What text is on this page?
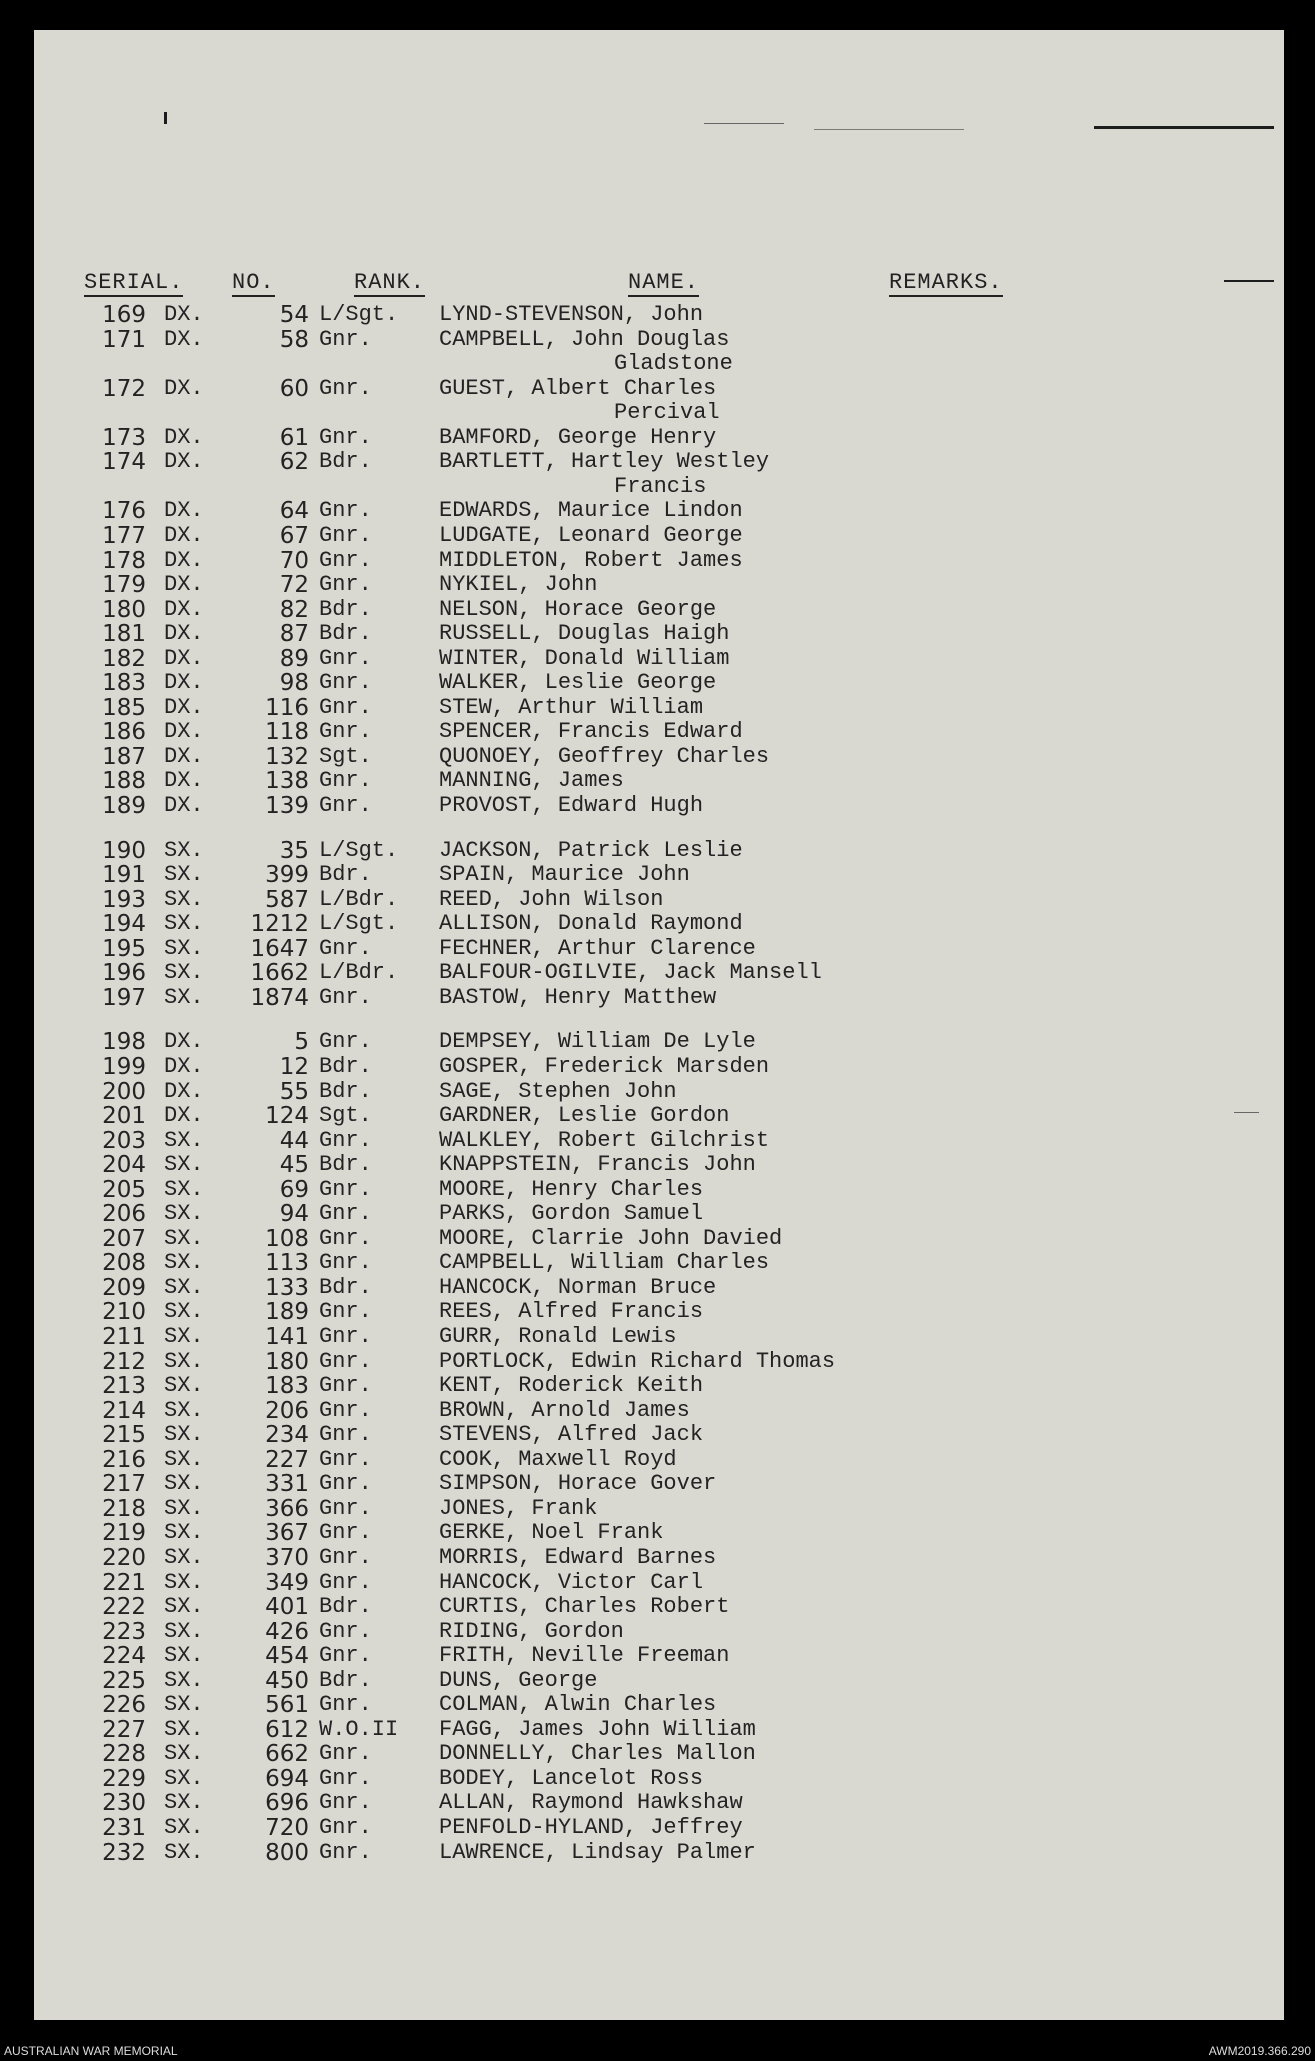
SERIAL. NO.	RANK.	NAME.	REMARKS.
169 DX.	54 L/Sgt. LYND-STEVENSON, John
171 DX.	58 Gnr.	CAMPBELL, John Douglas
Gladstone
172 DX.	60 Gnr.	GUEST, Albert Charles
Percival
173 DX.	61 Gnr.	BAMFORD, George Henry
174 DX.	62 Bdr.	BARTLETT, Hartley Westley
Francis
176 DX.	64 Gnr.	EDWARDS, Maurice Lindon
177 DX.	67 Gnr.	LUDGATE, Leonard George
178 DX.	70 Gnr.	MIDDLETON, Robert James
179 DX.	72 Gnr.	NYKIEL, John
180 DX.	82 Bdr.	NELSON, Horace George
181 DX.	87 Bdr.	RUSSELL, Douglas Haigh
182 DX.	89 Gnr.	WINTER, Donald William
183 DX.	98 Gnr.	WALKER, Leslie George
185 DX.	116 Gnr.	STEW, Arthur William
186 DX.	118 Gnr.	SPENCER, Francis Edward
187 DX.	132 Sgt.	QUONOEY, Geoffrey Charles
188 DX.	138 Gnr.	MANNING, James
189 DX.	139 Gnr.	PROVOST, Edward Hugh
190 SX.	35 L/Sgt. JACKSON, Patrick Leslie
191 SX.	399 Bdr.	SPAIN, Maurice John
193 SX.	587 L/Bdr. REED, John Wilson
194 SX.	1212 L/Sgt. ALLISON, Donald Raymond
195 SX.	1647 Gnr.	FECHNER, Arthur Clarence
196 SX.	1662 L/Bdr. BALFOUR-OGILVIE, Jack Mansell
197 SX.	1874 Gnr.	BASTOW, Henry Matthew
198 DX.	5 Gnr.	DEMPSEY, William De Lyle
199 DX.	12 Bdr.	GOSPER, Frederick Marsden
200 DX.	55 Bdr.	SAGE, Stephen John
201 DX.	124 Sgt.	GARDNER, Leslie Gordon
203 SX.	44 Gnr.	WALKLEY, Robert Gilchrist
204 SX.	45 Bdr.	KNAPPSTEIN, Francis John
205 SX.	69 Gnr.	MOORE, Henry Charles
206 SX.	94 Gnr.	PARKS, Gordon Samuel
207 SX.	108 Gnr.	MOORE, Clarrie John Davied
208 SX.	113 Gnr.	CAMPBELL, William Charles
209 SX.	133 Bdr.	HANCOCK, Norman Bruce
210 SX.	189 Gnr.	REES, Alfred Francis
211 SX.	141 Gnr.	GURR, Ronald Lewis
212 SX.	180 Gnr.	PORTLOCK, Edwin Richard Thomas
213 SX.	183 Gnr.	KENT, Roderick Keith
214 SX.	206 Gnr.	BROWN, Arnold James
215 SX.	234 Gnr.	STEVENS, Alfred Jack
216 SX.	227 Gnr.	COOK, Maxwell Royd
217 SX.	331 Gnr.	SIMPSON, Horace Gover
218 SX.	366 Gnr.	JONES, Frank
219 SX.	367 Gnr.	GERKE, Noel Frank
220 SX.	370 Gnr.	MORRIS, Edward Barnes
221 SX.	349 Gnr.	HANCOCK, Victor Carl
222 SX.	401 Bdr.	CURTIS, Charles Robert
223 SX.	426 Gnr.	RIDING, Gordon
224 SX.	454 Gnr.	FRITH, Neville Freeman
225 SX.	450 Bdr.	DUNS, George
226 SX.	561 Gnr.	COLMAN, Alwin Charles
227 SX.	612 W.O.II FAGG, James John William
228 SX.	662 Gnr.	DONNELLY, Charles Mallon
229 SX.	694 Gnr.	BODEY, Lancelot Ross
230 SX.	696 Gnr.	ALLAN, Raymond Hawkshaw
231 SX.	720 Gnr.	PENFOLD-HYLAND, Jeffrey
232 SX.	800 Gnr.	LAWRENCE, Lindsay Palmer
AUSTRALIAN WAR MEMORIAL	AWM2019.366.290
